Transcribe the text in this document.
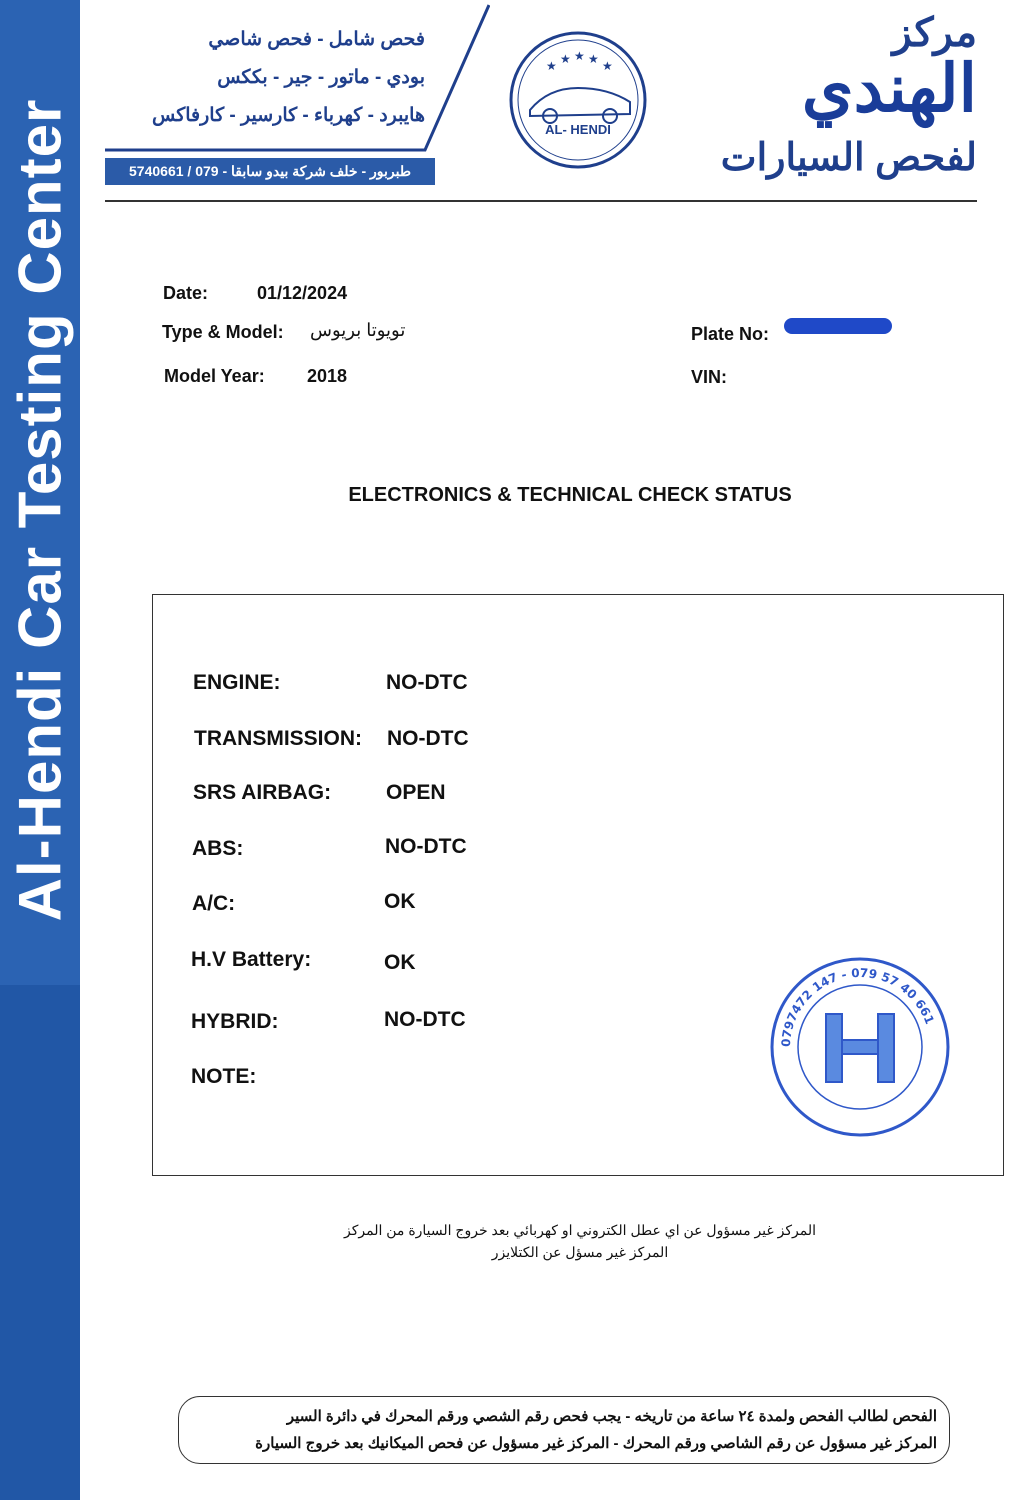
Al-Hendi Car Testing Center
فحص شامل - فحص شاصي
بودي - ماتور - جير - بككس
هايبرد - كهرباء - كارسير - كارفاكس
طبربور - خلف شركة بيدو سابقا - 079 / 5740661
★ ★ ★ ★ ★
AL- HENDI
مركز
الهندي
لفحص السيارات
Date:	01/12/2024
Type & Model: تويوتا بريوس
Model Year: 2018
Plate No:
VIN:
ELECTRONICS & TECHNICAL CHECK STATUS
ENGINE:	NO-DTC
TRANSMISSION: NO-DTC
SRS AIRBAG:	OPEN
ABS:	NO-DTC
A/C:	OK
H.V Battery:	OK
HYBRID:	NO-DTC
NOTE:
0797472 147 - 079 57 40 661
المركز غير مسؤول عن اي عطل الكتروني او كهربائي بعد خروج السيارة من المركز
المركز غير مسؤل عن الكتلايزر
الفحص لطالب الفحص ولمدة ٢٤ ساعة من تاريخه - يجب فحص رقم الشصي ورقم المحرك في دائرة السير
المركز غير مسؤول عن رقم الشاصي ورقم المحرك - المركز غير مسؤول عن فحص الميكانيك بعد خروج السيارة
